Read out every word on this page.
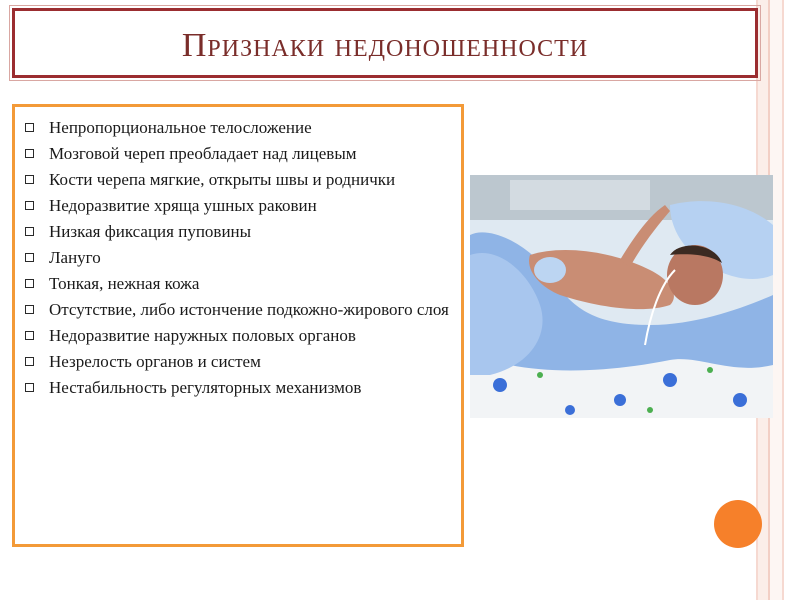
Признаки недоношенности
Непропорциональное телосложение
Мозговой череп преобладает над лицевым
Кости черепа мягкие, открыты швы и роднички
Недоразвитие хряща ушных раковин
Низкая фиксация пуповины
Лануго
Тонкая, нежная кожа
Отсутствие, либо истончение подкожно-жирового слоя
Недоразвитие наружных половых органов
Незрелость органов и систем
Нестабильность регуляторных механизмов
